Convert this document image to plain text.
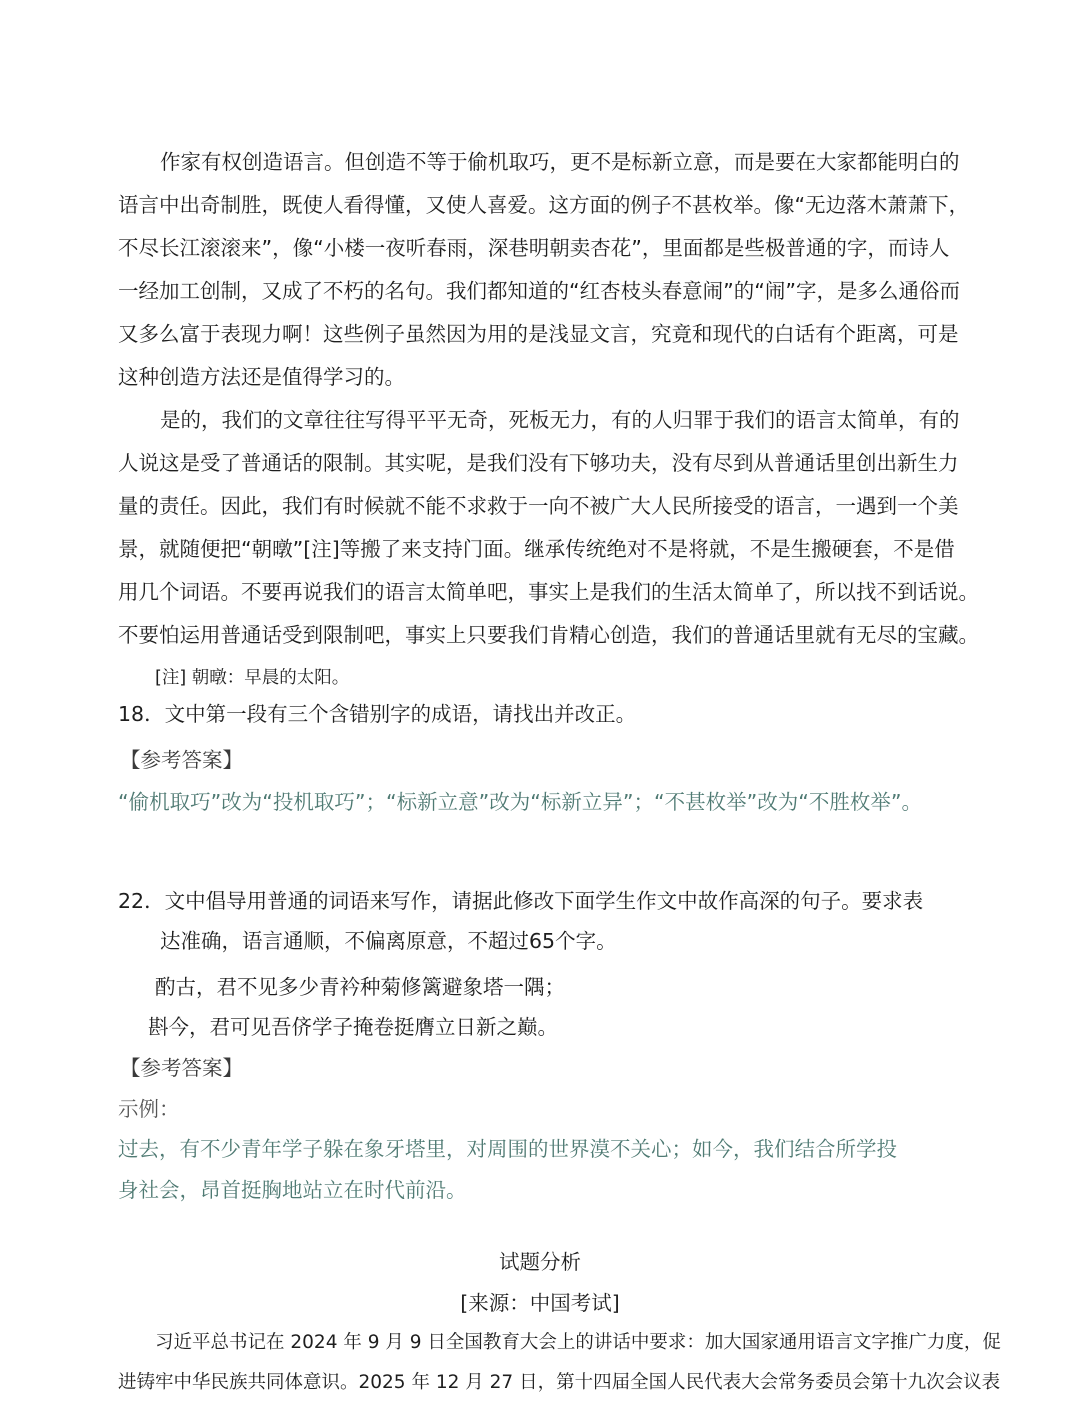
作家有权创造语言。但创造不等于偷机取巧，更不是标新立意，而是要在大家都能明白的
语言中出奇制胜，既使人看得懂，又使人喜爱。这方面的例子不甚枚举。像“无边落木萧萧下，
不尽长江滚滚来”，像“小楼一夜听春雨，深巷明朝卖杏花”，里面都是些极普通的字，而诗人
一经加工创制，又成了不朽的名句。我们都知道的“红杏枝头春意闹”的“闹”字，是多么通俗而
又多么富于表现力啊！这些例子虽然因为用的是浅显文言，究竟和现代的白话有个距离，可是
这种创造方法还是值得学习的。
是的，我们的文章往往写得平平无奇，死板无力，有的人归罪于我们的语言太简单，有的
人说这是受了普通话的限制。其实呢，是我们没有下够功夫，没有尽到从普通话里创出新生力
量的责任。因此，我们有时候就不能不求救于一向不被广大人民所接受的语言，一遇到一个美
景，就随便把“朝暾”[注]等搬了来支持门面。继承传统绝对不是将就，不是生搬硬套，不是借
用几个词语。不要再说我们的语言太简单吧，事实上是我们的生活太简单了，所以找不到话说。
不要怕运用普通话受到限制吧，事实上只要我们肯精心创造，我们的普通话里就有无尽的宝藏。
[注] 朝暾：早晨的太阳。
18．文中第一段有三个含错别字的成语，请找出并改正。
【参考答案】
“偷机取巧”改为“投机取巧”；“标新立意”改为“标新立异”；“不甚枚举”改为“不胜枚举”。
22．文中倡导用普通的词语来写作，请据此修改下面学生作文中故作高深的句子。要求表
达准确，语言通顺，不偏离原意，不超过65个字。
酌古，君不见多少青衿种菊修篱避象塔一隅；
斟今，君可见吾侪学子掩卷挺膺立日新之巅。
【参考答案】
示例：
过去，有不少青年学子躲在象牙塔里，对周围的世界漠不关心；如今，我们结合所学投
身社会，昂首挺胸地站立在时代前沿。
试题分析
[来源：中国考试]
习近平总书记在 2024 年 9 月 9 日全国教育大会上的讲话中要求：加大国家通用语言文字推广力度，促
进铸牢中华民族共同体意识。2025 年 12 月 27 日，第十四届全国人民代表大会常务委员会第十九次会议表
